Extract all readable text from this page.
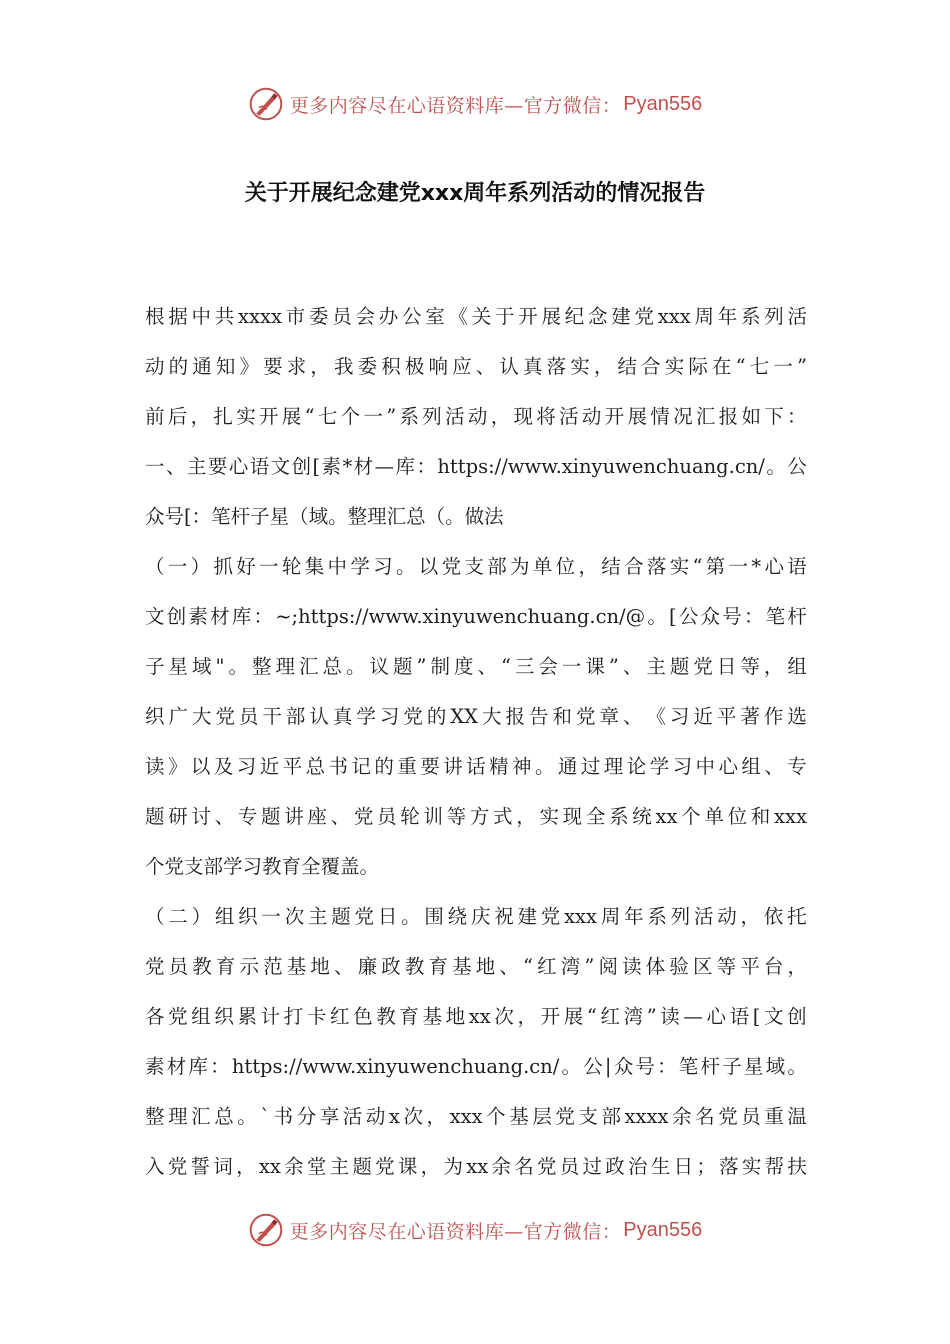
更多内容尽在心语资料库—官方微信： Pyan556
关于开展纪念建党xxx周年系列活动的情况报告
根 据 中 共 xxxx 市 委 员 会 办 公 室 《 关 于 开 展 纪 念 建 党 xxx 周 年 系 列 活
动 的 通 知 》 要 求 ， 我 委 积 极 响 应 、 认 真 落 实 ， 结 合 实 际 在 “ 七 一 ”
前 后 ， 扎 实 开 展 “ 七 个 一 ” 系 列 活 动 ， 现 将 活 动 开 展 情 况 汇 报 如 下 ：
一 、 主 要 心 语 文 创 [ 素 * 材 — 库 ： https://www.xinyuwenchuang.cn/ 。 公
众号[：笔杆子星（域。整理汇总（。做法
（ 一 ） 抓 好 一 轮 集 中 学 习 。 以 党 支 部 为 单 位 ， 结 合 落 实 “ 第 一 * 心 语
文 创 素 材 库 ： ~;https://www.xinyuwenchuang.cn/@ 。 [ 公 众 号 ： 笔 杆
子 星 域 " 。 整 理 汇 总 。 议 题 ” 制 度 、 “ 三 会 一 课 ” 、 主 题 党 日 等 ， 组
织 广 大 党 员 干 部 认 真 学 习 党 的 XX 大 报 告 和 党 章 、 《 习 近 平 著 作 选
读 》 以 及 习 近 平 总 书 记 的 重 要 讲 话 精 神 。 通 过 理 论 学 习 中 心 组 、 专
题 研 讨 、 专 题 讲 座 、 党 员 轮 训 等 方 式 ， 实 现 全 系 统 xx 个 单 位 和 xxx
个党支部学习教育全覆盖。
（ 二 ） 组 织 一 次 主 题 党 日 。 围 绕 庆 祝 建 党 xxx 周 年 系 列 活 动 ， 依 托
党 员 教 育 示 范 基 地 、 廉 政 教 育 基 地 、 “ 红 湾 ” 阅 读 体 验 区 等 平 台 ，
各 党 组 织 累 计 打 卡 红 色 教 育 基 地 xx 次 ， 开 展 “ 红 湾 ” 读 — 心 语 [ 文 创
素 材 库 ： https://www.xinyuwenchuang.cn/ 。 公 | 众 号 ： 笔 杆 子 星 域 。
整 理 汇 总 。 ` 书 分 享 活 动 x 次 ， xxx 个 基 层 党 支 部 xxxx 余 名 党 员 重 温
入 党 誓 词 ， xx 余 堂 主 题 党 课 ， 为 xx 余 名 党 员 过 政 治 生 日 ； 落 实 帮 扶
更多内容尽在心语资料库—官方微信： Pyan556
